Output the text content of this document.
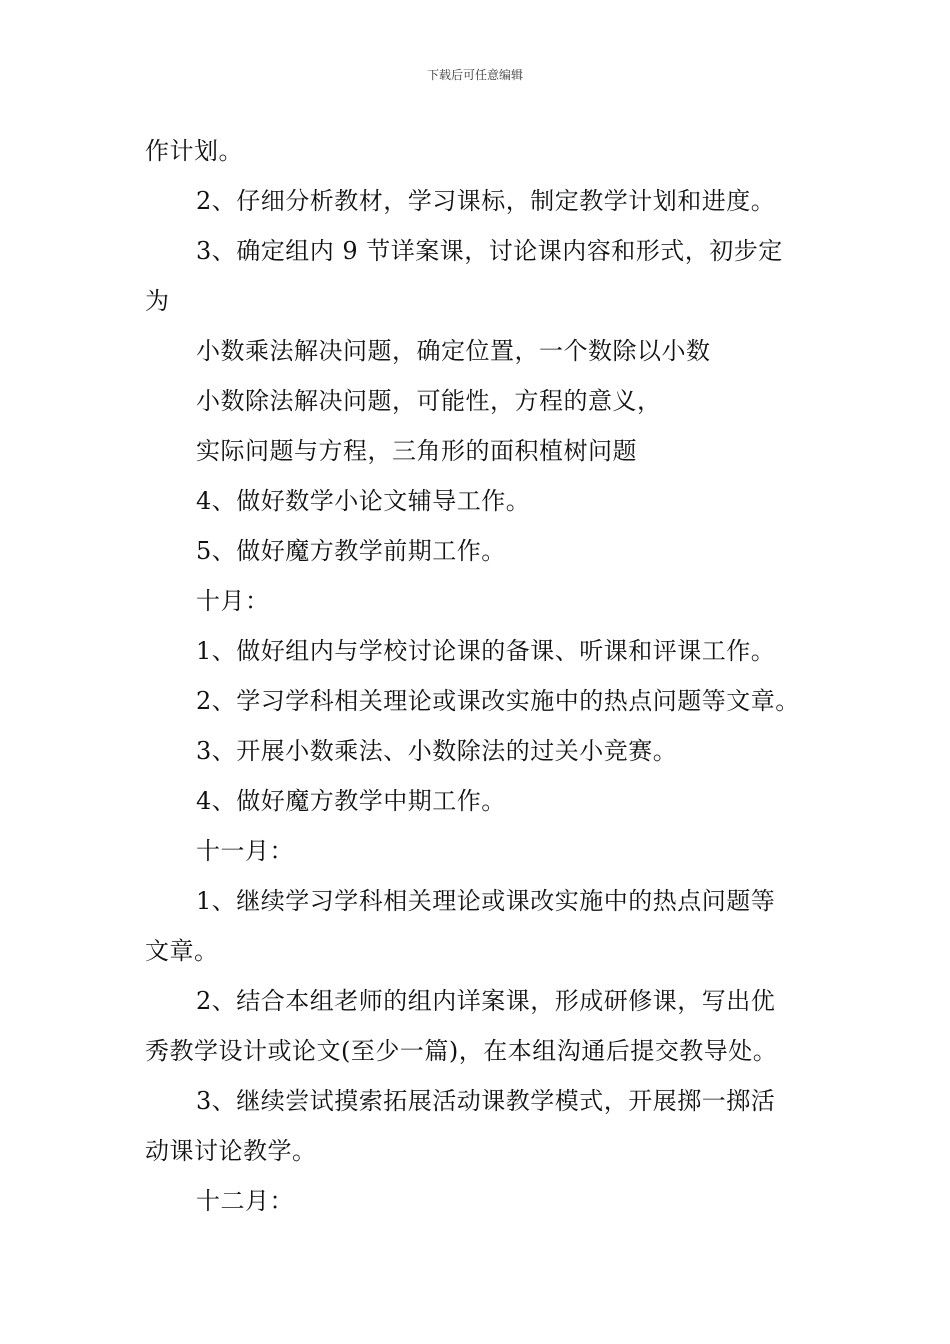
下载后可任意编辑
作计划。
2、仔细分析教材，学习课标，制定教学计划和进度。
3、确定组内 9 节详案课，讨论课内容和形式，初步定
为
小数乘法解决问题，确定位置，一个数除以小数
小数除法解决问题，可能性，方程的意义，
实际问题与方程，三角形的面积植树问题
4、做好数学小论文辅导工作。
5、做好魔方教学前期工作。
十月：
1、做好组内与学校讨论课的备课、听课和评课工作。
2、学习学科相关理论或课改实施中的热点问题等文章。
3、开展小数乘法、小数除法的过关小竞赛。
4、做好魔方教学中期工作。
十一月：
1、继续学习学科相关理论或课改实施中的热点问题等
文章。
2、结合本组老师的组内详案课，形成研修课，写出优
秀教学设计或论文(至少一篇)，在本组沟通后提交教导处。
3、继续尝试摸索拓展活动课教学模式，开展掷一掷活
动课讨论教学。
十二月：
